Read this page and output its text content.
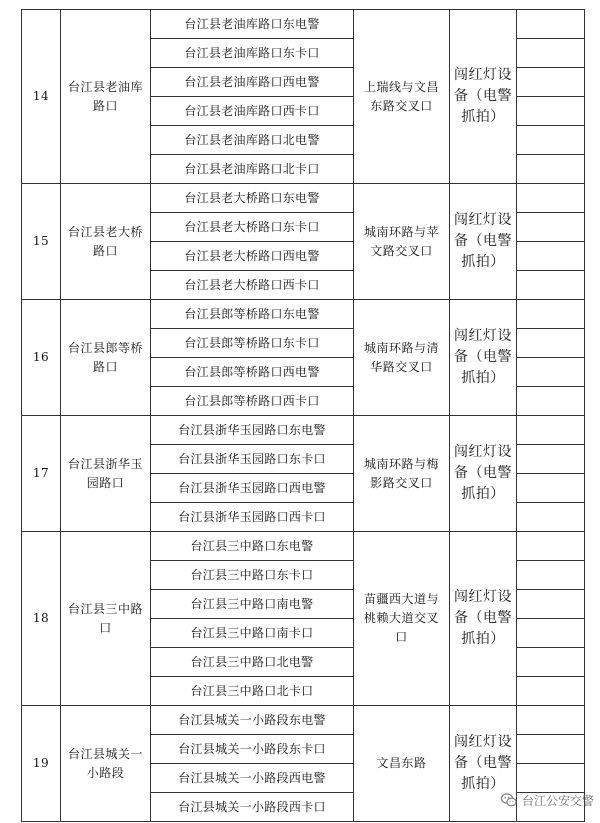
14	台江县老油库路口	台江县老油库路口东电警	上瑞线与文昌东路交叉口	闯红灯设备（电警抓拍）	
		台江县老油库路口东卡口			
		台江县老油库路口西电警			
		台江县老油库路口西卡口			
		台江县老油库路口北电警			
		台江县老油库路口北卡口			
15	台江县老大桥路口	台江县老大桥路口东电警	城南环路与苹文路交叉口	闯红灯设备（电警抓拍）	
		台江县老大桥路口东卡口			
		台江县老大桥路口西电警			
		台江县老大桥路口西卡口			
16	台江县郎等桥路口	台江县郎等桥路口东电警	城南环路与清华路交叉口	闯红灯设备（电警抓拍）	
		台江县郎等桥路口东卡口			
		台江县郎等桥路口西电警			
		台江县郎等桥路口西卡口			
17	台江县浙华玉园路口	台江县浙华玉园路口东电警	城南环路与梅影路交叉口	闯红灯设备（电警抓拍）	
		台江县浙华玉园路口东卡口			
		台江县浙华玉园路口西电警			
		台江县浙华玉园路口西卡口			
18	台江县三中路口	台江县三中路口东电警	苗疆西大道与桃赖大道交叉口	闯红灯设备（电警抓拍）	
		台江县三中路口东卡口			
		台江县三中路口南电警			
		台江县三中路口南卡口			
		台江县三中路口北电警			
		台江县三中路口北卡口			
19	台江县城关一小路段	台江县城关一小路段东电警	文昌东路	闯红灯设备（电警抓拍）	
		台江县城关一小路段东卡口			
		台江县城关一小路段西电警			
		台江县城关一小路段西卡口				台江公安交警
